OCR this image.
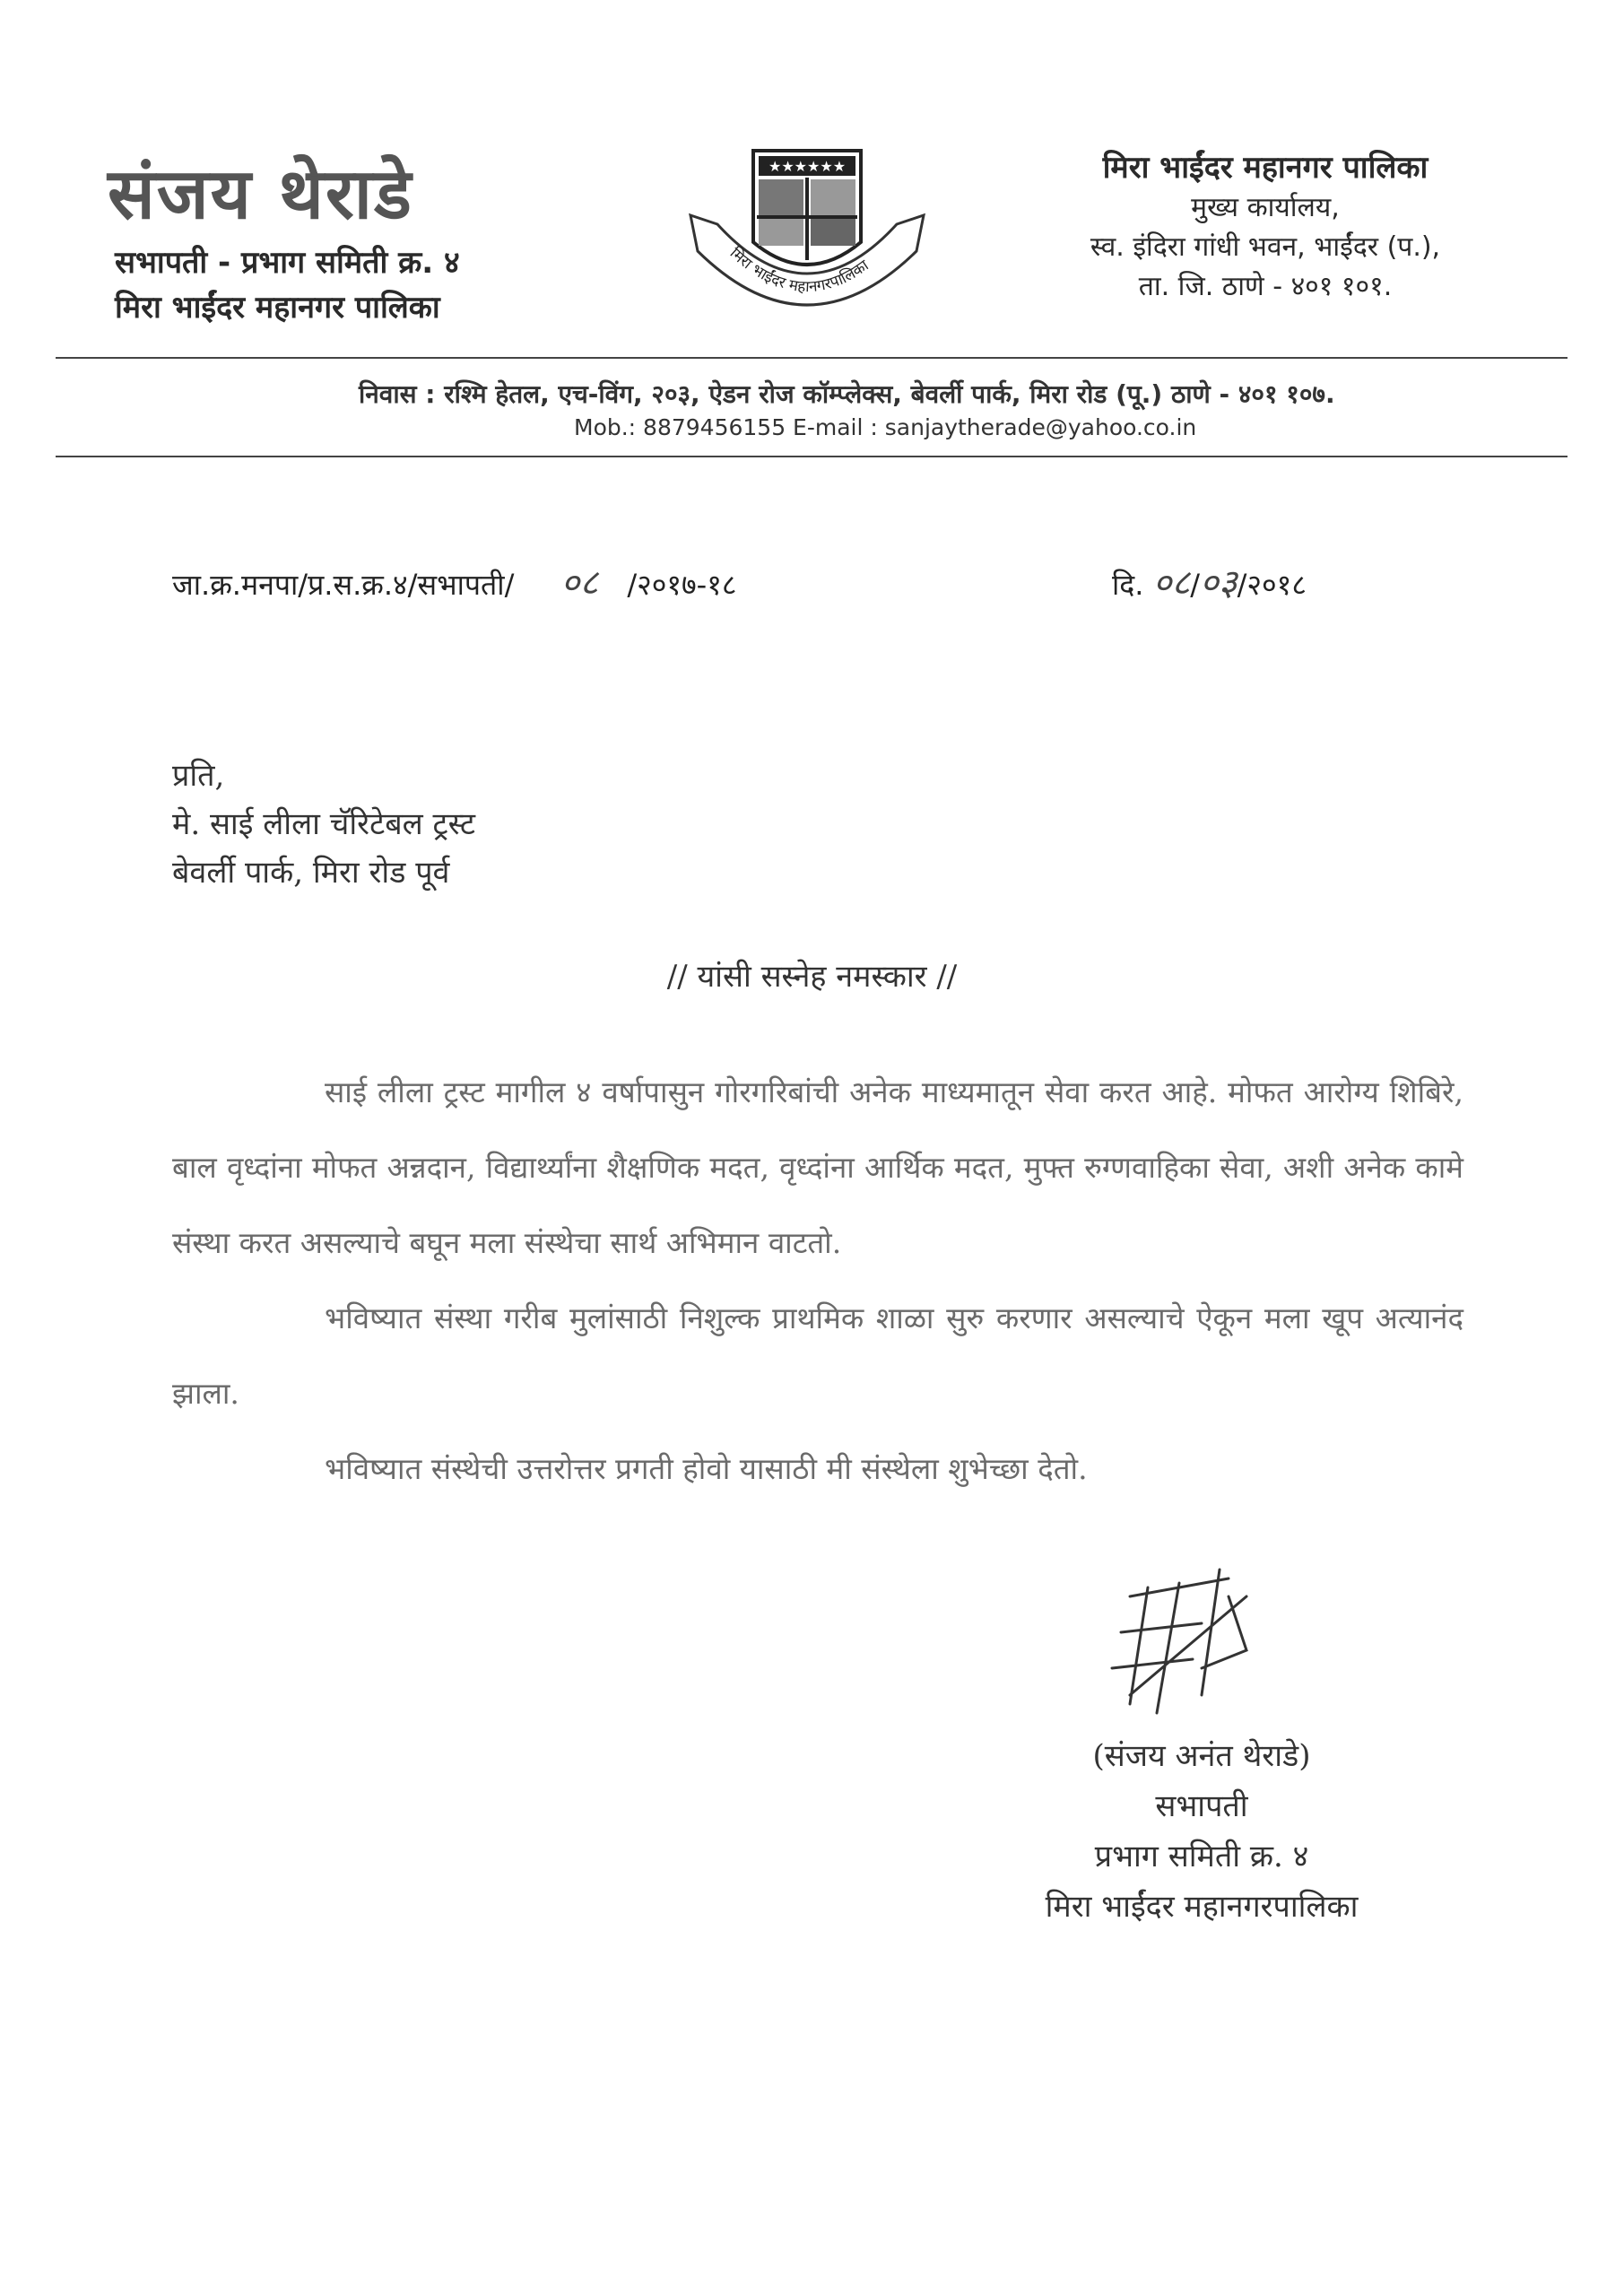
संजय थेराडे
सभापती - प्रभाग समिती क्र. ४
मिरा भाईंदर महानगर पालिका
★★★★★★
मिरा भाईंदर महानगरपालिका
मिरा भाईंदर महानगर पालिका
मुख्य कार्यालय,
स्व. इंदिरा गांधी भवन, भाईंदर (प.),
ता. जि. ठाणे - ४०१ १०१.
निवास : रश्मि हेतल, एच-विंग, २०३, ऐडन रोज कॉम्प्लेक्स, बेवर्ली पार्क, मिरा रोड (पू.) ठाणे - ४०१ १०७.
Mob.: 8879456155 E-mail : sanjaytherade@yahoo.co.in
जा.क्र.मनपा/प्र.स.क्र.४/सभापती/ ०८ /२०१७-१८	दि. ०८/०३/२०१८
प्रति,
मे. साई लीला चॅरिटेबल ट्रस्ट
बेवर्ली पार्क, मिरा रोड पूर्व
// यांसी सस्नेह नमस्कार //

साई लीला ट्रस्ट मागील ४ वर्षापासुन गोरगरिबांची अनेक माध्यमातून सेवा करत आहे. मोफत आरोग्य शिबिरे, बाल वृध्दांना मोफत अन्नदान, विद्यार्थ्यांना शैक्षणिक मदत, वृध्दांना आर्थिक मदत, मुफ्त रुग्णवाहिका सेवा, अशी अनेक कामे संस्था करत असल्याचे बघून मला संस्थेचा सार्थ अभिमान वाटतो.

भविष्यात संस्था गरीब मुलांसाठी निशुल्क प्राथमिक शाळा सुरु करणार असल्याचे ऐकून मला खूप अत्यानंद झाला.

भविष्यात संस्थेची उत्तरोत्तर प्रगती होवो यासाठी मी संस्थेला शुभेच्छा देतो.

(संजय अनंत थेराडे)
सभापती
प्रभाग समिती क्र. ४
मिरा भाईंदर महानगरपालिका
